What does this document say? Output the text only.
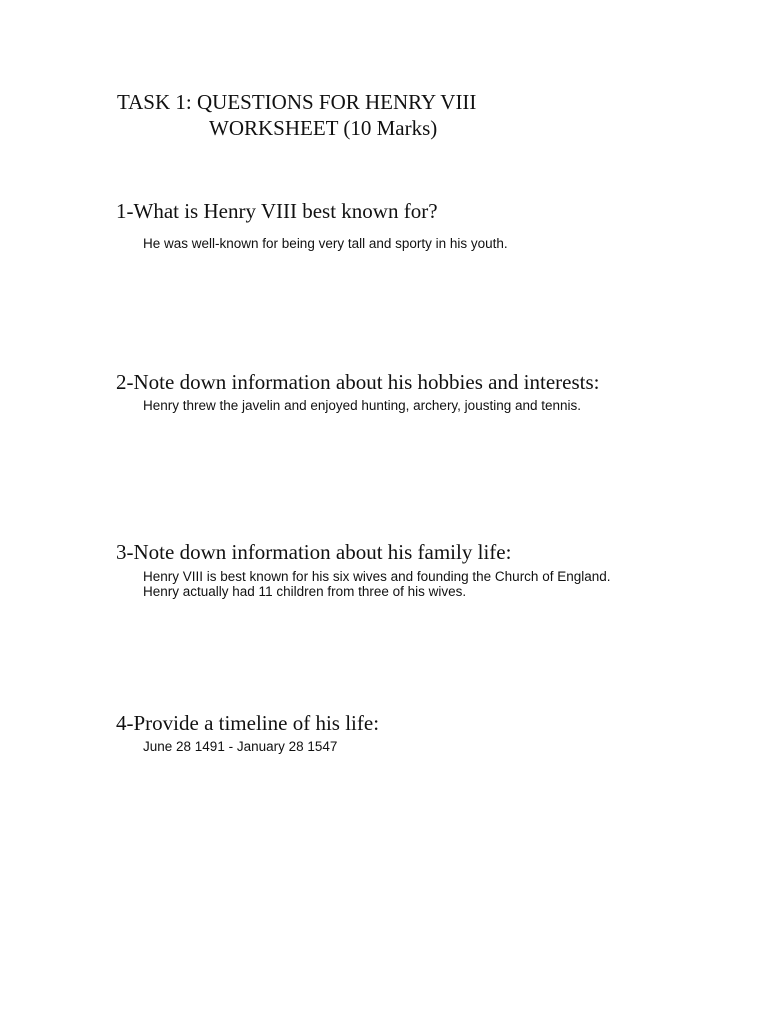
TASK 1: QUESTIONS FOR HENRY VIII
WORKSHEET (10 Marks)
1-What is Henry VIII best known for?
He was well-known for being very tall and sporty in his youth.
2-Note down information about his hobbies and interests:
Henry threw the javelin and enjoyed hunting, archery, jousting and tennis.
3-Note down information about his family life:
Henry VIII is best known for his six wives and founding the Church of England.
Henry actually had 11 children from three of his wives.
4-Provide a timeline of his life:
June 28 1491 - January 28 1547
